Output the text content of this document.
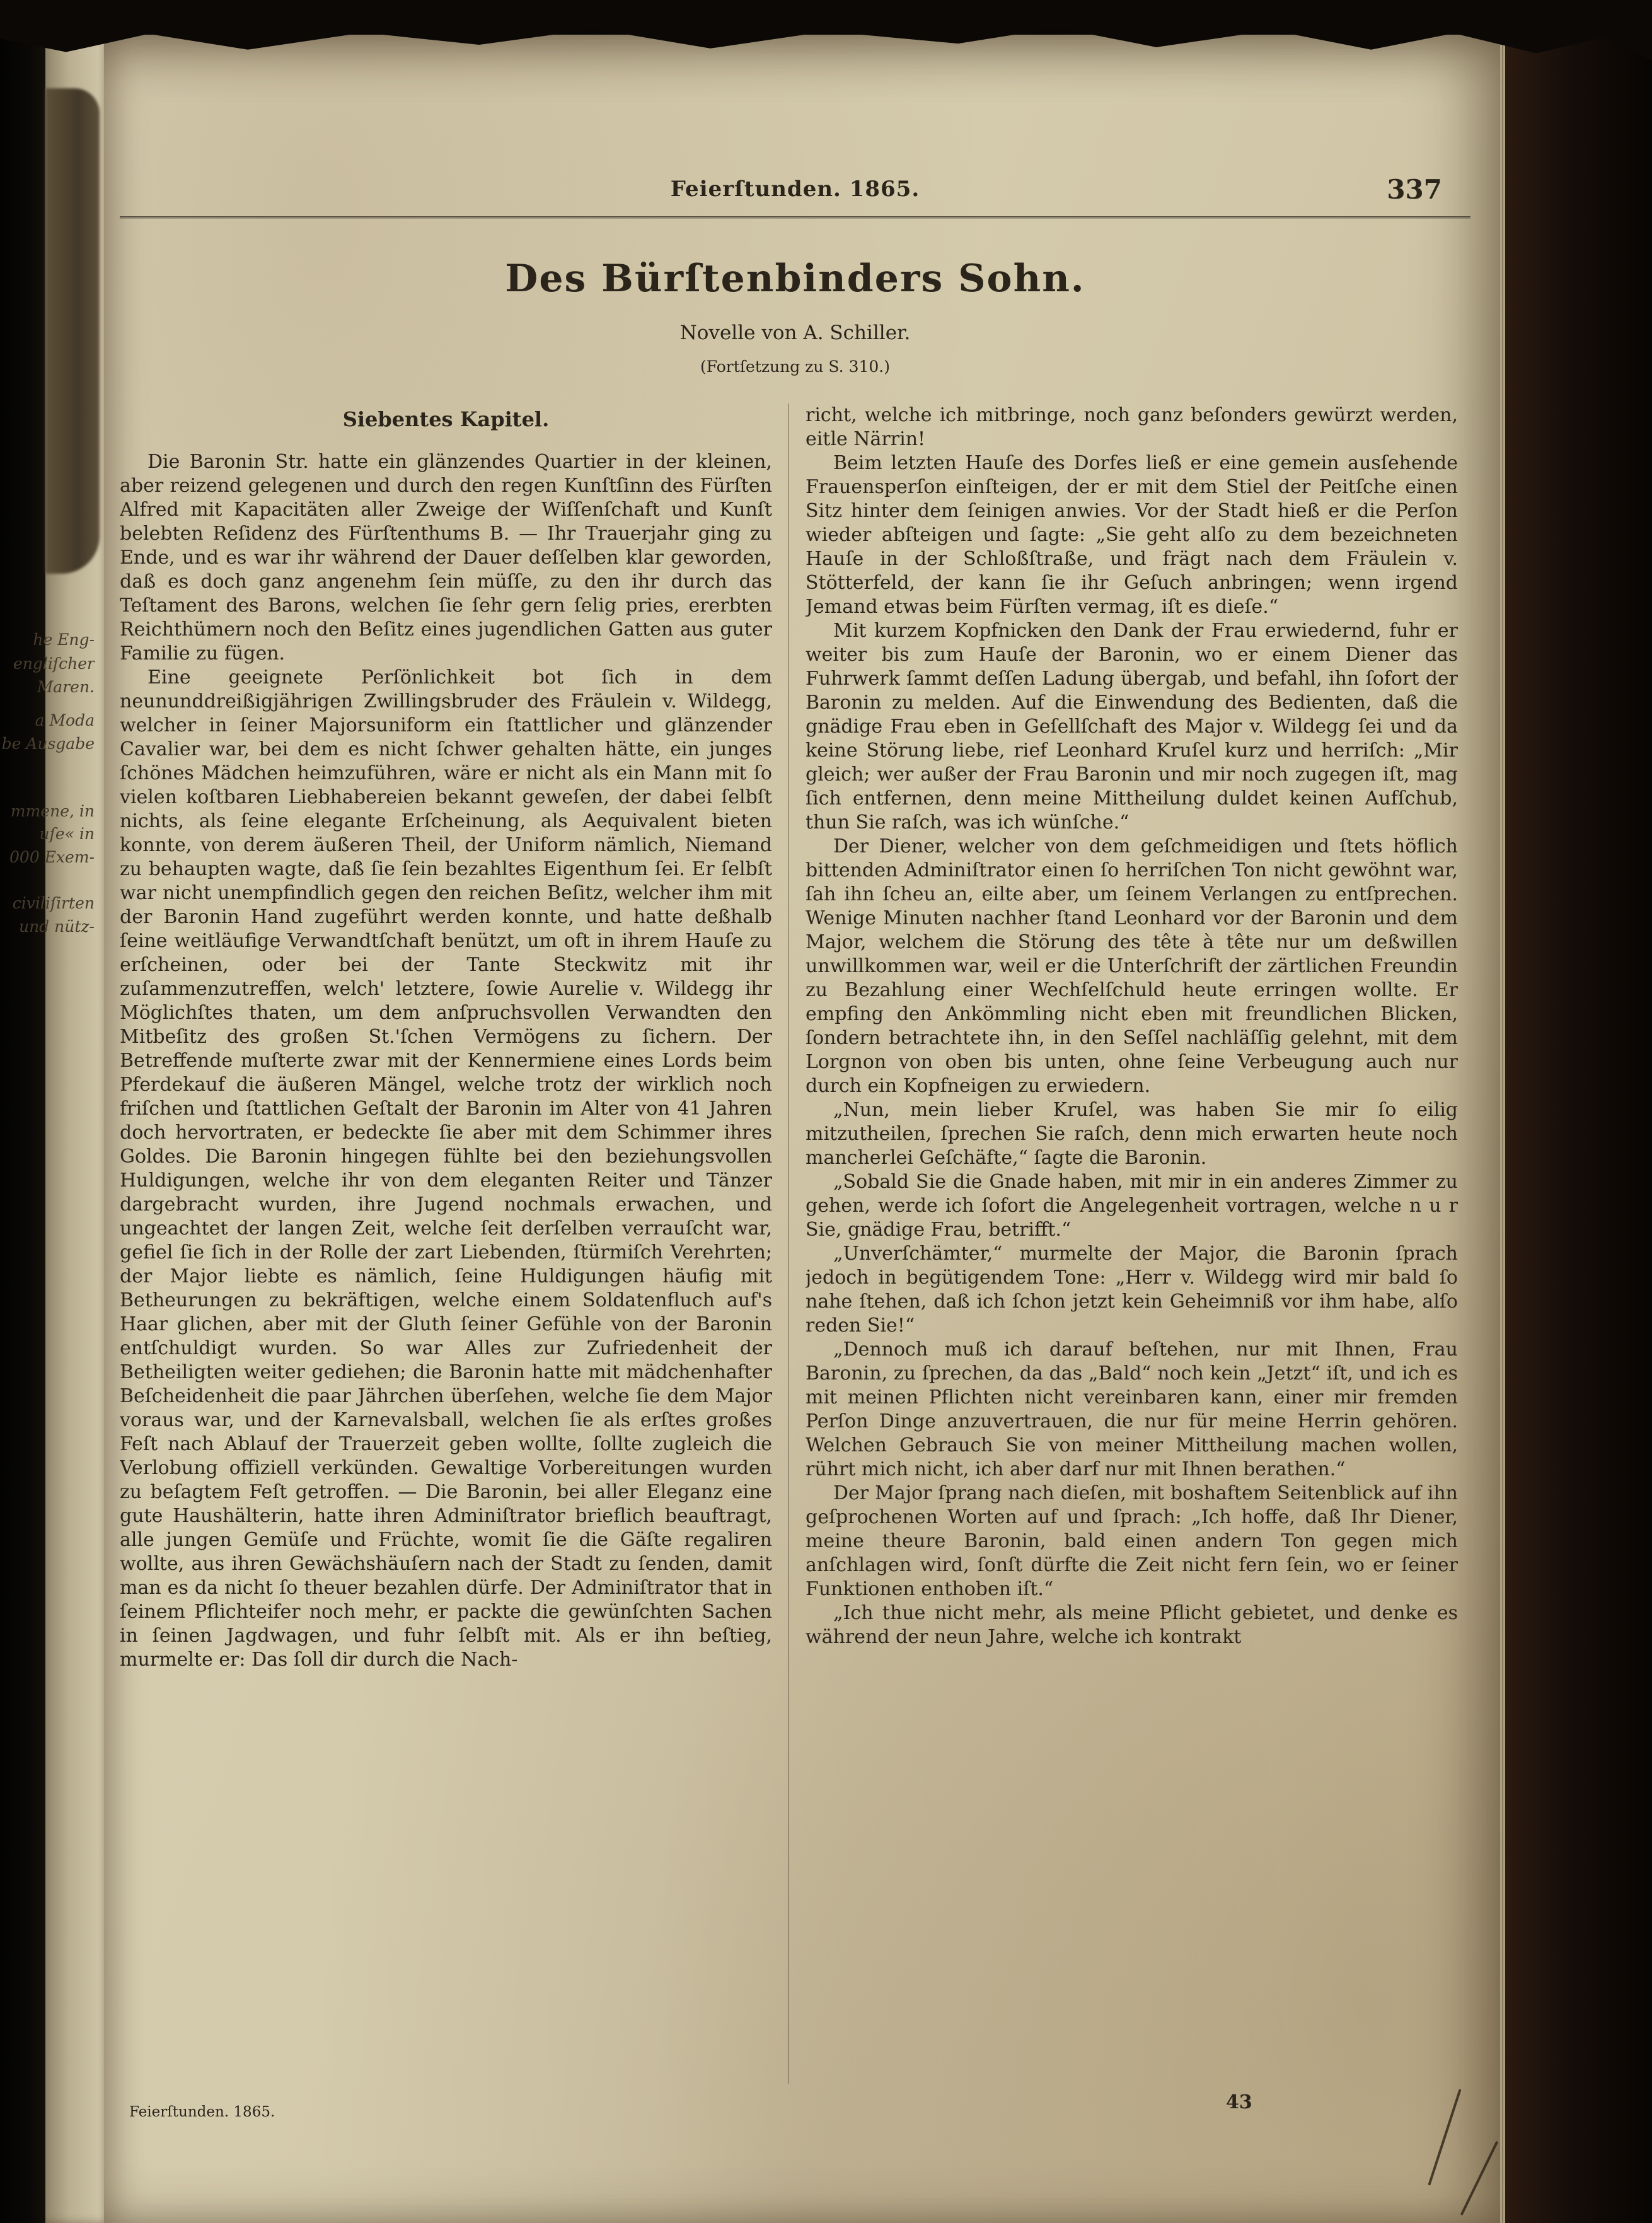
he Eng-
engliſcher
Maren.
a Moda
be Ausgabe
mmene, in
uſe« in
000 Exem-
civiliſirten
und nütz-
Feierſtunden. 1865.	337
Des Bürſtenbinders Sohn.
Novelle von A. Schiller.
(Fortſetzung zu S. 310.)
Siebentes Kapitel.

Die Baronin Str. hatte ein glänzendes Quartier in der kleinen, aber reizend gelegenen und durch den regen Kunſtſinn des Fürſten Alfred mit Kapacitäten aller Zweige der Wiſſenſchaft und Kunſt belebten Reſidenz des Fürſtenthums B. — Ihr Trauerjahr ging zu Ende, und es war ihr während der Dauer deſſelben klar geworden, daß es doch ganz angenehm ſein müſſe, zu den ihr durch das Teſtament des Barons, welchen ſie ſehr gern ſelig pries, ererbten Reichthümern noch den Beſitz eines jugendlichen Gatten aus guter Familie zu fügen.

Eine geeignete Perſönlichkeit bot ſich in dem neununddreißigjährigen Zwillingsbruder des Fräulein v. Wildegg, welcher in ſeiner Majorsuniform ein ſtattlicher und glänzender Cavalier war, bei dem es nicht ſchwer gehalten hätte, ein junges ſchönes Mädchen heimzuführen, wäre er nicht als ein Mann mit ſo vielen koſtbaren Liebhabereien bekannt geweſen, der dabei ſelbſt nichts, als ſeine elegante Erſcheinung, als Aequivalent bieten konnte, von derem äußeren Theil, der Uniform nämlich, Niemand zu behaupten wagte, daß ſie ſein bezahltes Eigenthum ſei. Er ſelbſt war nicht unempfindlich gegen den reichen Beſitz, welcher ihm mit der Baronin Hand zugeführt werden konnte, und hatte deßhalb ſeine weitläufige Verwandtſchaft benützt, um oft in ihrem Hauſe zu erſcheinen, oder bei der Tante Steckwitz mit ihr zuſammenzutreffen, welch' letztere, ſowie Aurelie v. Wildegg ihr Möglichſtes thaten, um dem anſpruchsvollen Verwandten den Mitbeſitz des großen St.'ſchen Vermögens zu ſichern. Der Betreffende muſterte zwar mit der Kennermiene eines Lords beim Pferdekauf die äußeren Mängel, welche trotz der wirklich noch friſchen und ſtattlichen Geſtalt der Baronin im Alter von 41 Jahren doch hervortraten, er bedeckte ſie aber mit dem Schimmer ihres Goldes. Die Baronin hingegen fühlte bei den beziehungsvollen Huldigungen, welche ihr von dem eleganten Reiter und Tänzer dargebracht wurden, ihre Jugend nochmals erwachen, und ungeachtet der langen Zeit, welche ſeit derſelben verrauſcht war, gefiel ſie ſich in der Rolle der zart Liebenden, ſtürmiſch Verehrten; der Major liebte es nämlich, ſeine Huldigungen häufig mit Betheurungen zu bekräftigen, welche einem Soldatenfluch auf's Haar glichen, aber mit der Gluth ſeiner Gefühle von der Baronin entſchuldigt wurden. So war Alles zur Zufriedenheit der Betheiligten weiter gediehen; die Baronin hatte mit mädchenhafter Beſcheidenheit die paar Jährchen überſehen, welche ſie dem Major voraus war, und der Karnevalsball, welchen ſie als erſtes großes Feſt nach Ablauf der Trauerzeit geben wollte, ſollte zugleich die Verlobung offiziell verkünden. Gewaltige Vorbereitungen wurden zu beſagtem Feſt getroffen. — Die Baronin, bei aller Eleganz eine gute Haushälterin, hatte ihren Adminiſtrator brieflich beauftragt, alle jungen Gemüſe und Früchte, womit ſie die Gäſte regaliren wollte, aus ihren Gewächshäuſern nach der Stadt zu ſenden, damit man es da nicht ſo theuer bezahlen dürfe. Der Adminiſtrator that in ſeinem Pflichteifer noch mehr, er packte die gewünſchten Sachen in ſeinen Jagdwagen, und fuhr ſelbſt mit. Als er ihn beſtieg, murmelte er: Das ſoll dir durch die Nach-

richt, welche ich mitbringe, noch ganz beſonders gewürzt werden, eitle Närrin!

Beim letzten Hauſe des Dorfes ließ er eine gemein ausſehende Frauensperſon einſteigen, der er mit dem Stiel der Peitſche einen Sitz hinter dem ſeinigen anwies. Vor der Stadt hieß er die Perſon wieder abſteigen und ſagte: „Sie geht alſo zu dem bezeichneten Hauſe in der Schloßſtraße, und frägt nach dem Fräulein v. Stötterfeld, der kann ſie ihr Geſuch anbringen; wenn irgend Jemand etwas beim Fürſten vermag, iſt es dieſe.“

Mit kurzem Kopfnicken den Dank der Frau erwiedernd, fuhr er weiter bis zum Hauſe der Baronin, wo er einem Diener das Fuhrwerk ſammt deſſen Ladung übergab, und befahl, ihn ſofort der Baronin zu melden. Auf die Einwendung des Bedienten, daß die gnädige Frau eben in Geſellſchaft des Major v. Wildegg ſei und da keine Störung liebe, rief Leonhard Kruſel kurz und herriſch: „Mir gleich; wer außer der Frau Baronin und mir noch zugegen iſt, mag ſich entfernen, denn meine Mittheilung duldet keinen Aufſchub, thun Sie raſch, was ich wünſche.“

Der Diener, welcher von dem geſchmeidigen und ſtets höflich bittenden Adminiſtrator einen ſo herriſchen Ton nicht gewöhnt war, ſah ihn ſcheu an, eilte aber, um ſeinem Verlangen zu entſprechen. Wenige Minuten nachher ſtand Leonhard vor der Baronin und dem Major, welchem die Störung des tête à tête nur um deßwillen unwillkommen war, weil er die Unterſchrift der zärtlichen Freundin zu Bezahlung einer Wechſelſchuld heute erringen wollte. Er empfing den Ankömmling nicht eben mit freundlichen Blicken, ſondern betrachtete ihn, in den Seſſel nachläſſig gelehnt, mit dem Lorgnon von oben bis unten, ohne ſeine Verbeugung auch nur durch ein Kopfneigen zu erwiedern.

„Nun, mein lieber Kruſel, was haben Sie mir ſo eilig mitzutheilen, ſprechen Sie raſch, denn mich erwarten heute noch mancherlei Geſchäfte,“ ſagte die Baronin.

„Sobald Sie die Gnade haben, mit mir in ein anderes Zimmer zu gehen, werde ich ſofort die Angelegenheit vortragen, welche n u r Sie, gnädige Frau, betrifft.“

„Unverſchämter,“ murmelte der Major, die Baronin ſprach jedoch in begütigendem Tone: „Herr v. Wildegg wird mir bald ſo nahe ſtehen, daß ich ſchon jetzt kein Geheimniß vor ihm habe, alſo reden Sie!“

„Dennoch muß ich darauf beſtehen, nur mit Ihnen, Frau Baronin, zu ſprechen, da das „Bald“ noch kein „Jetzt“ iſt, und ich es mit meinen Pflichten nicht vereinbaren kann, einer mir fremden Perſon Dinge anzuvertrauen, die nur für meine Herrin gehören. Welchen Gebrauch Sie von meiner Mittheilung machen wollen, rührt mich nicht, ich aber darf nur mit Ihnen berathen.“

Der Major ſprang nach dieſen, mit boshaftem Seitenblick auf ihn geſprochenen Worten auf und ſprach: „Ich hoffe, daß Ihr Diener, meine theure Baronin, bald einen andern Ton gegen mich anſchlagen wird, ſonſt dürfte die Zeit nicht fern ſein, wo er ſeiner Funktionen enthoben iſt.“

„Ich thue nicht mehr, als meine Pflicht gebietet, und denke es während der neun Jahre, welche ich kontrakt

Feierſtunden. 1865.	43
